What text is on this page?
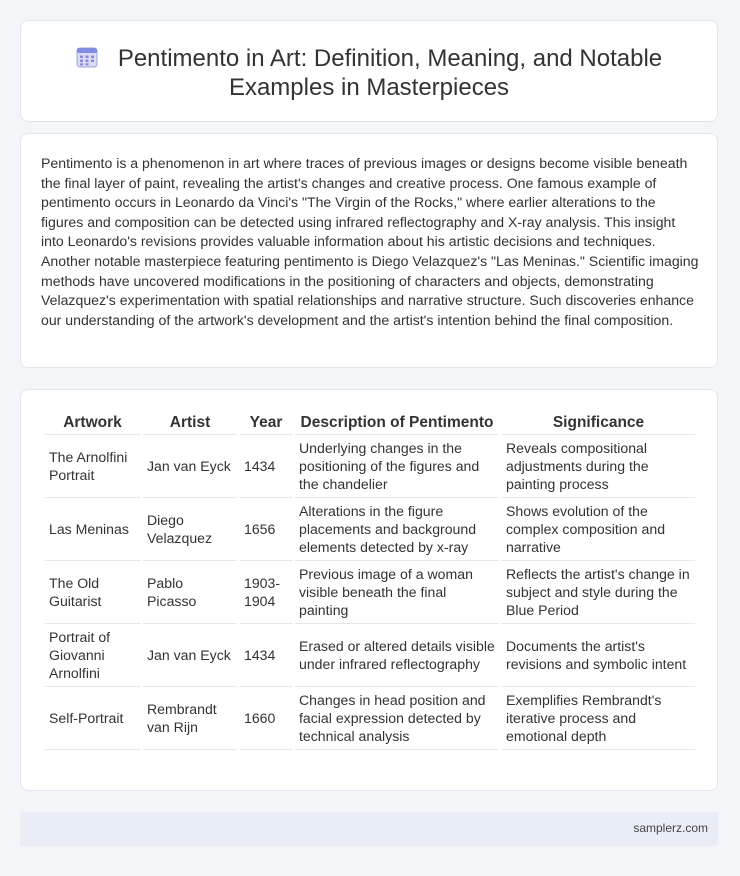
Pentimento in Art: Definition, Meaning, and Notable
Examples in Masterpieces

Pentimento is a phenomenon in art where traces of previous images or designs become visible beneath the final layer of paint, revealing the artist's changes and creative process. One famous example of pentimento occurs in Leonardo da Vinci's "The Virgin of the Rocks," where earlier alterations to the figures and composition can be detected using infrared reflectography and X-ray analysis. This insight into Leonardo's revisions provides valuable information about his artistic decisions and techniques. Another notable masterpiece featuring pentimento is Diego Velazquez's "Las Meninas." Scientific imaging methods have uncovered modifications in the positioning of characters and objects, demonstrating Velazquez's experimentation with spatial relationships and narrative structure. Such discoveries enhance our understanding of the artwork's development and the artist's intention behind the final composition.

Artwork	Artist	Year	Description of Pentimento	Significance
The Arnolfini Portrait	Jan van Eyck	1434	Underlying changes in the positioning of the figures and the chandelier	Reveals compositional adjustments during the painting process
Las Meninas	Diego Velazquez	1656	Alterations in the figure placements and background elements detected by x-ray	Shows evolution of the complex composition and narrative
The Old Guitarist	Pablo Picasso	1903-1904	Previous image of a woman visible beneath the final painting	Reflects the artist's change in subject and style during the Blue Period
Portrait of Giovanni Arnolfini	Jan van Eyck	1434	Erased or altered details visible under infrared reflectography	Documents the artist's revisions and symbolic intent
Self-Portrait	Rembrandt van Rijn	1660	Changes in head position and facial expression detected by technical analysis	Exemplifies Rembrandt's iterative process and emotional depth
samplerz.com
